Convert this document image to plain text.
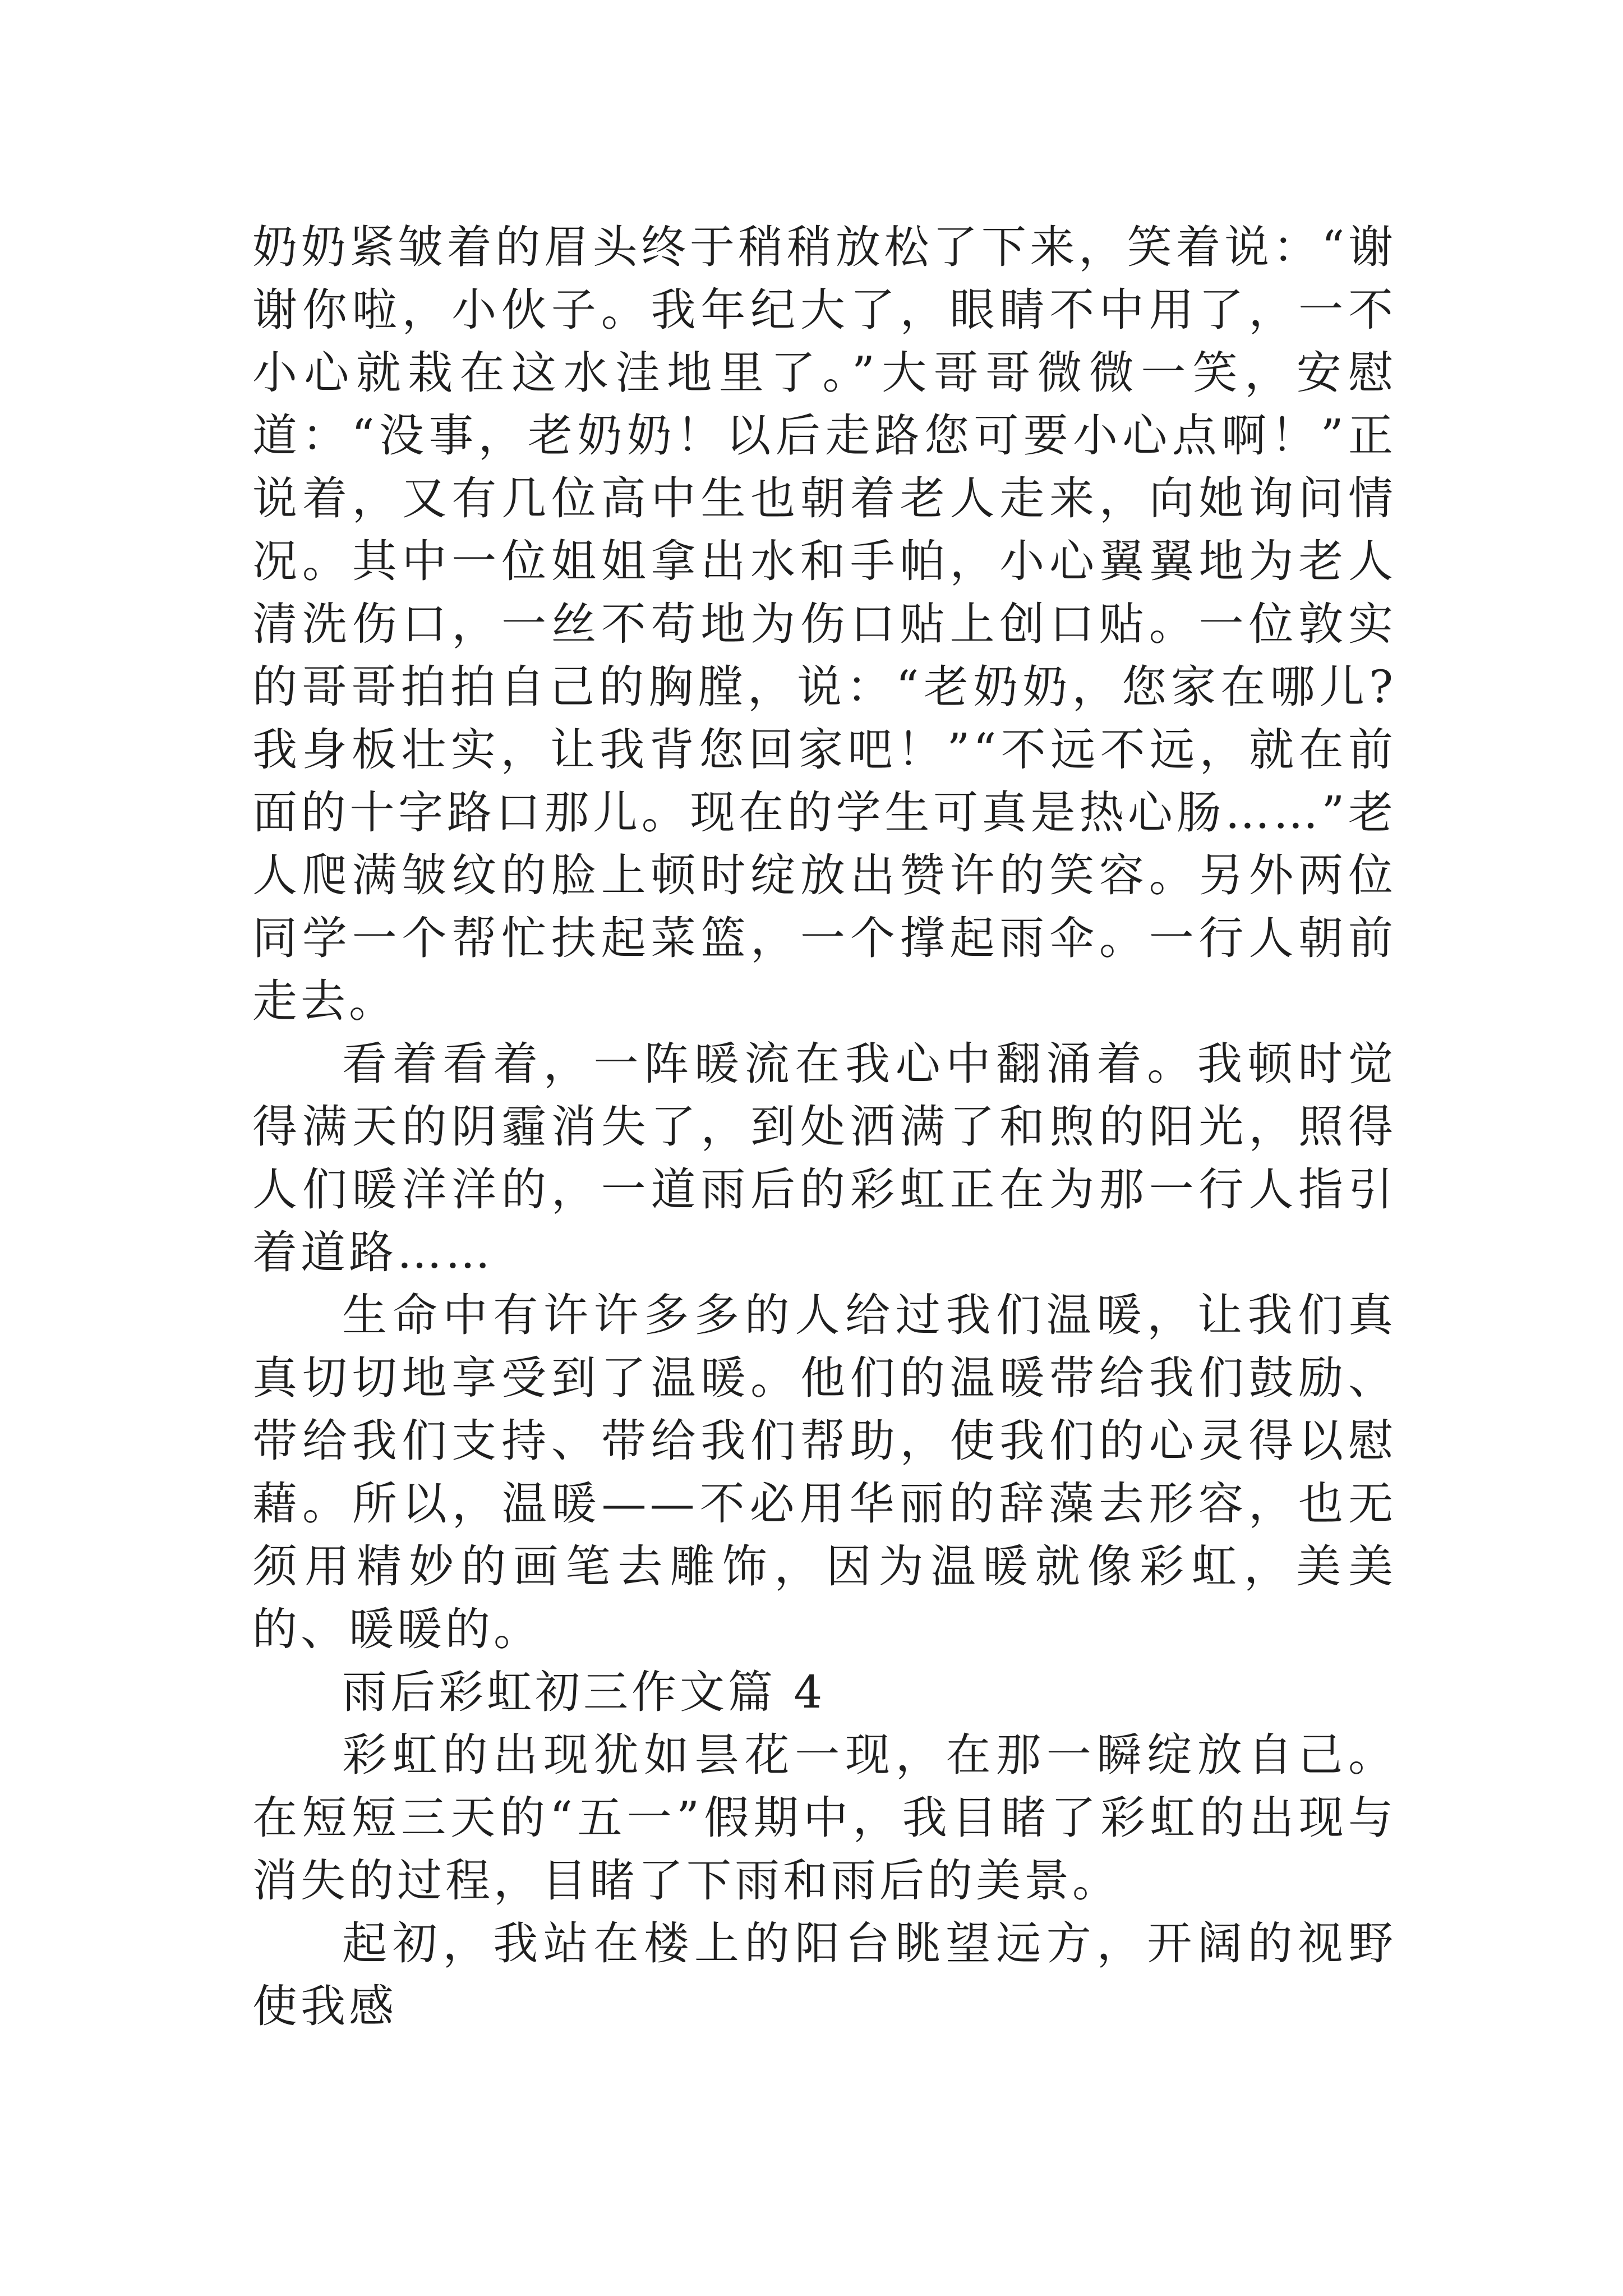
奶奶紧皱着的眉头终于稍稍放松了下来，笑着说：“谢谢你啦，小伙子。我年纪大了，眼睛不中用了，一不小心就栽在这水洼地里了。”大哥哥微微一笑，安慰道：“没事，老奶奶！以后走路您可要小心点啊！”正说着，又有几位高中生也朝着老人走来，向她询问情况。其中一位姐姐拿出水和手帕，小心翼翼地为老人清洗伤口，一丝不苟地为伤口贴上创口贴。一位敦实的哥哥拍拍自己的胸膛，说：“老奶奶，您家在哪儿?我身板壮实，让我背您回家吧！”“不远不远，就在前面的十字路口那儿。现在的学生可真是热心肠……”老人爬满皱纹的脸上顿时绽放出赞许的笑容。另外两位同学一个帮忙扶起菜篮，一个撑起雨伞。一行人朝前走去。

看着看着，一阵暖流在我心中翻涌着。我顿时觉得满天的阴霾消失了，到处洒满了和煦的阳光，照得人们暖洋洋的，一道雨后的彩虹正在为那一行人指引着道路……

生命中有许许多多的人给过我们温暖，让我们真真切切地享受到了温暖。他们的温暖带给我们鼓励、带给我们支持、带给我们帮助，使我们的心灵得以慰藉。所以，温暖——不必用华丽的辞藻去形容，也无须用精妙的画笔去雕饰，因为温暖就像彩虹，美美的、暖暖的。

雨后彩虹初三作文篇 4

彩虹的出现犹如昙花一现，在那一瞬绽放自己。在短短三天的“五一”假期中，我目睹了彩虹的出现与消失的过程，目睹了下雨和雨后的美景。

起初，我站在楼上的阳台眺望远方，开阔的视野使我感
